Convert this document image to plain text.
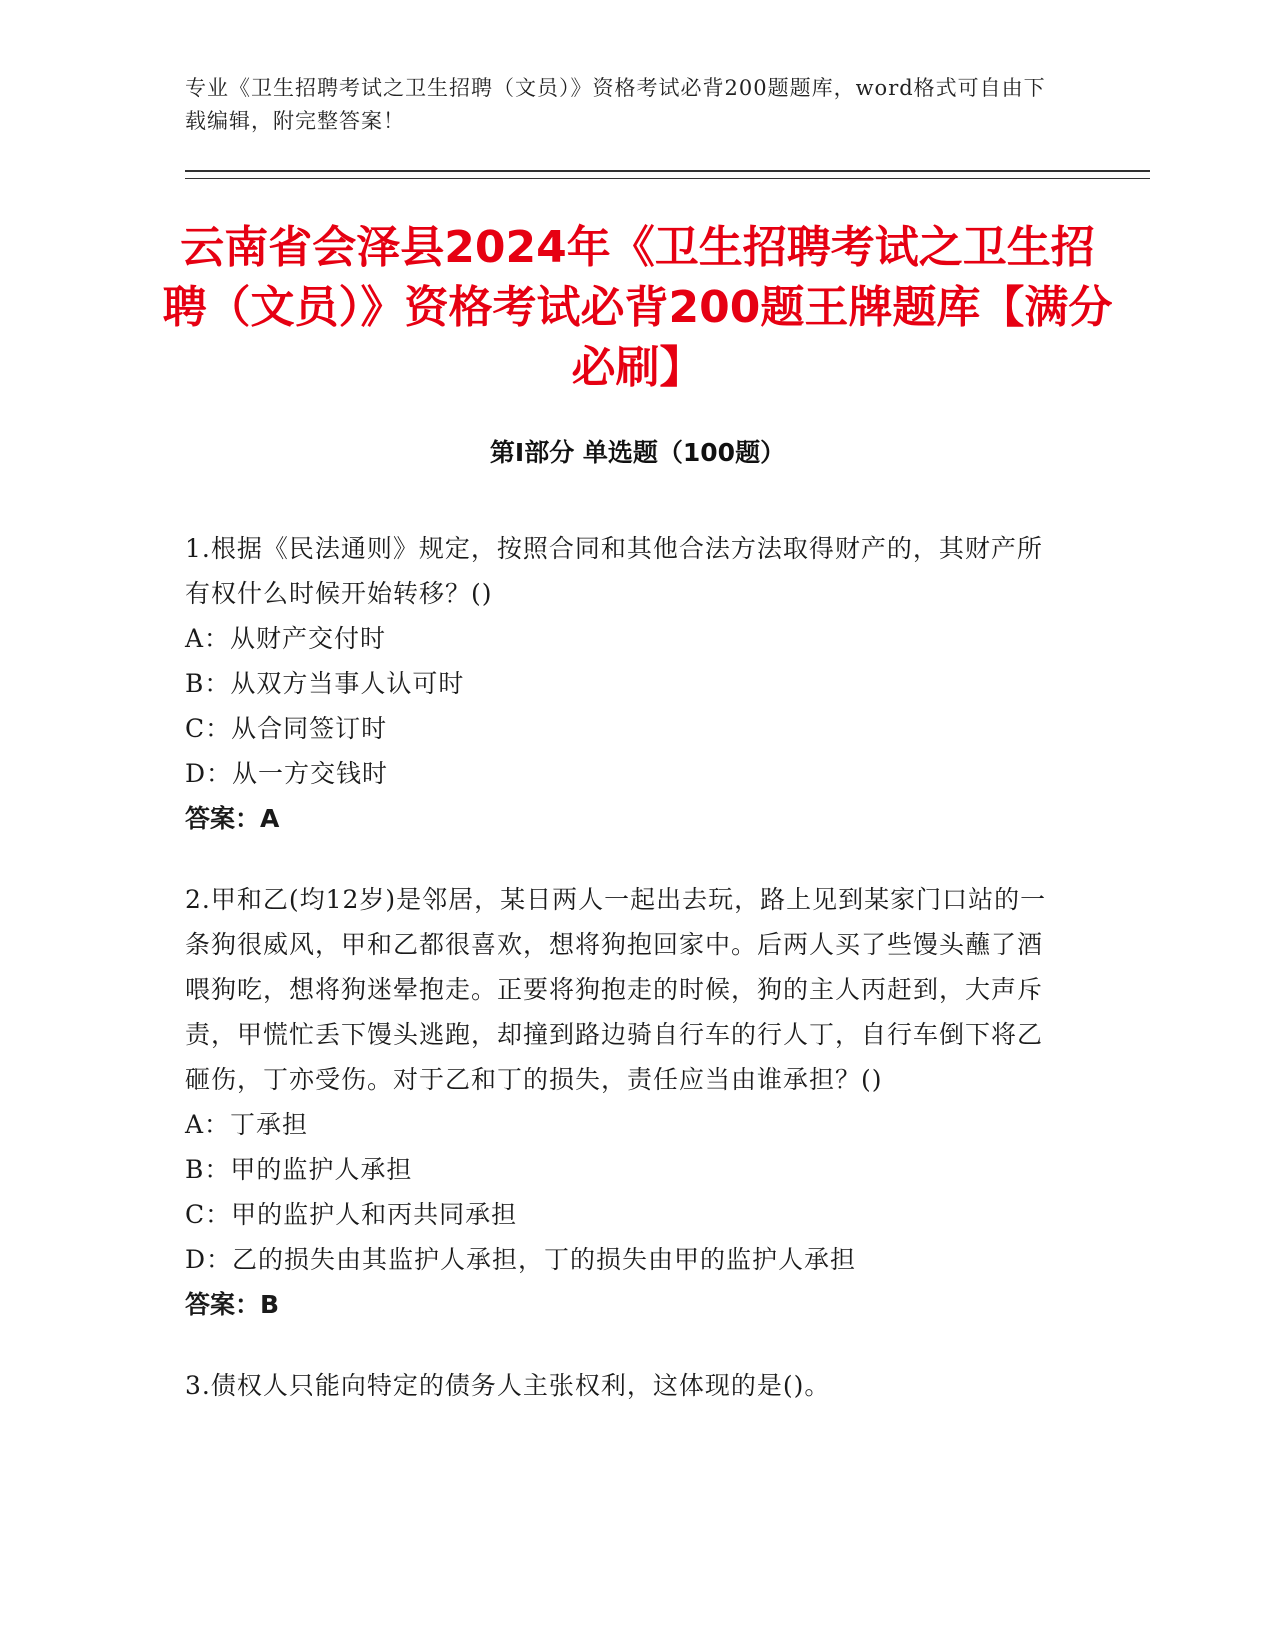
专业《卫生招聘考试之卫生招聘（文员）》资格考试必背200题题库，word格式可自由下载编辑，附完整答案！
云南省会泽县2024年《卫生招聘考试之卫生招聘（文员）》资格考试必背200题王牌题库【满分必刷】
第Ⅰ部分 单选题（100题）
1.根据《民法通则》规定，按照合同和其他合法方法取得财产的，其财产所有权什么时候开始转移？()
A：从财产交付时
B：从双方当事人认可时
C：从合同签订时
D：从一方交钱时
答案：A
2.甲和乙(均12岁)是邻居，某日两人一起出去玩，路上见到某家门口站的一条狗很威风，甲和乙都很喜欢，想将狗抱回家中。后两人买了些馒头蘸了酒喂狗吃，想将狗迷晕抱走。正要将狗抱走的时候，狗的主人丙赶到，大声斥责，甲慌忙丢下馒头逃跑，却撞到路边骑自行车的行人丁，自行车倒下将乙砸伤，丁亦受伤。对于乙和丁的损失，责任应当由谁承担？()
A：丁承担
B：甲的监护人承担
C：甲的监护人和丙共同承担
D：乙的损失由其监护人承担，丁的损失由甲的监护人承担
答案：B
3.债权人只能向特定的债务人主张权利，这体现的是()。
